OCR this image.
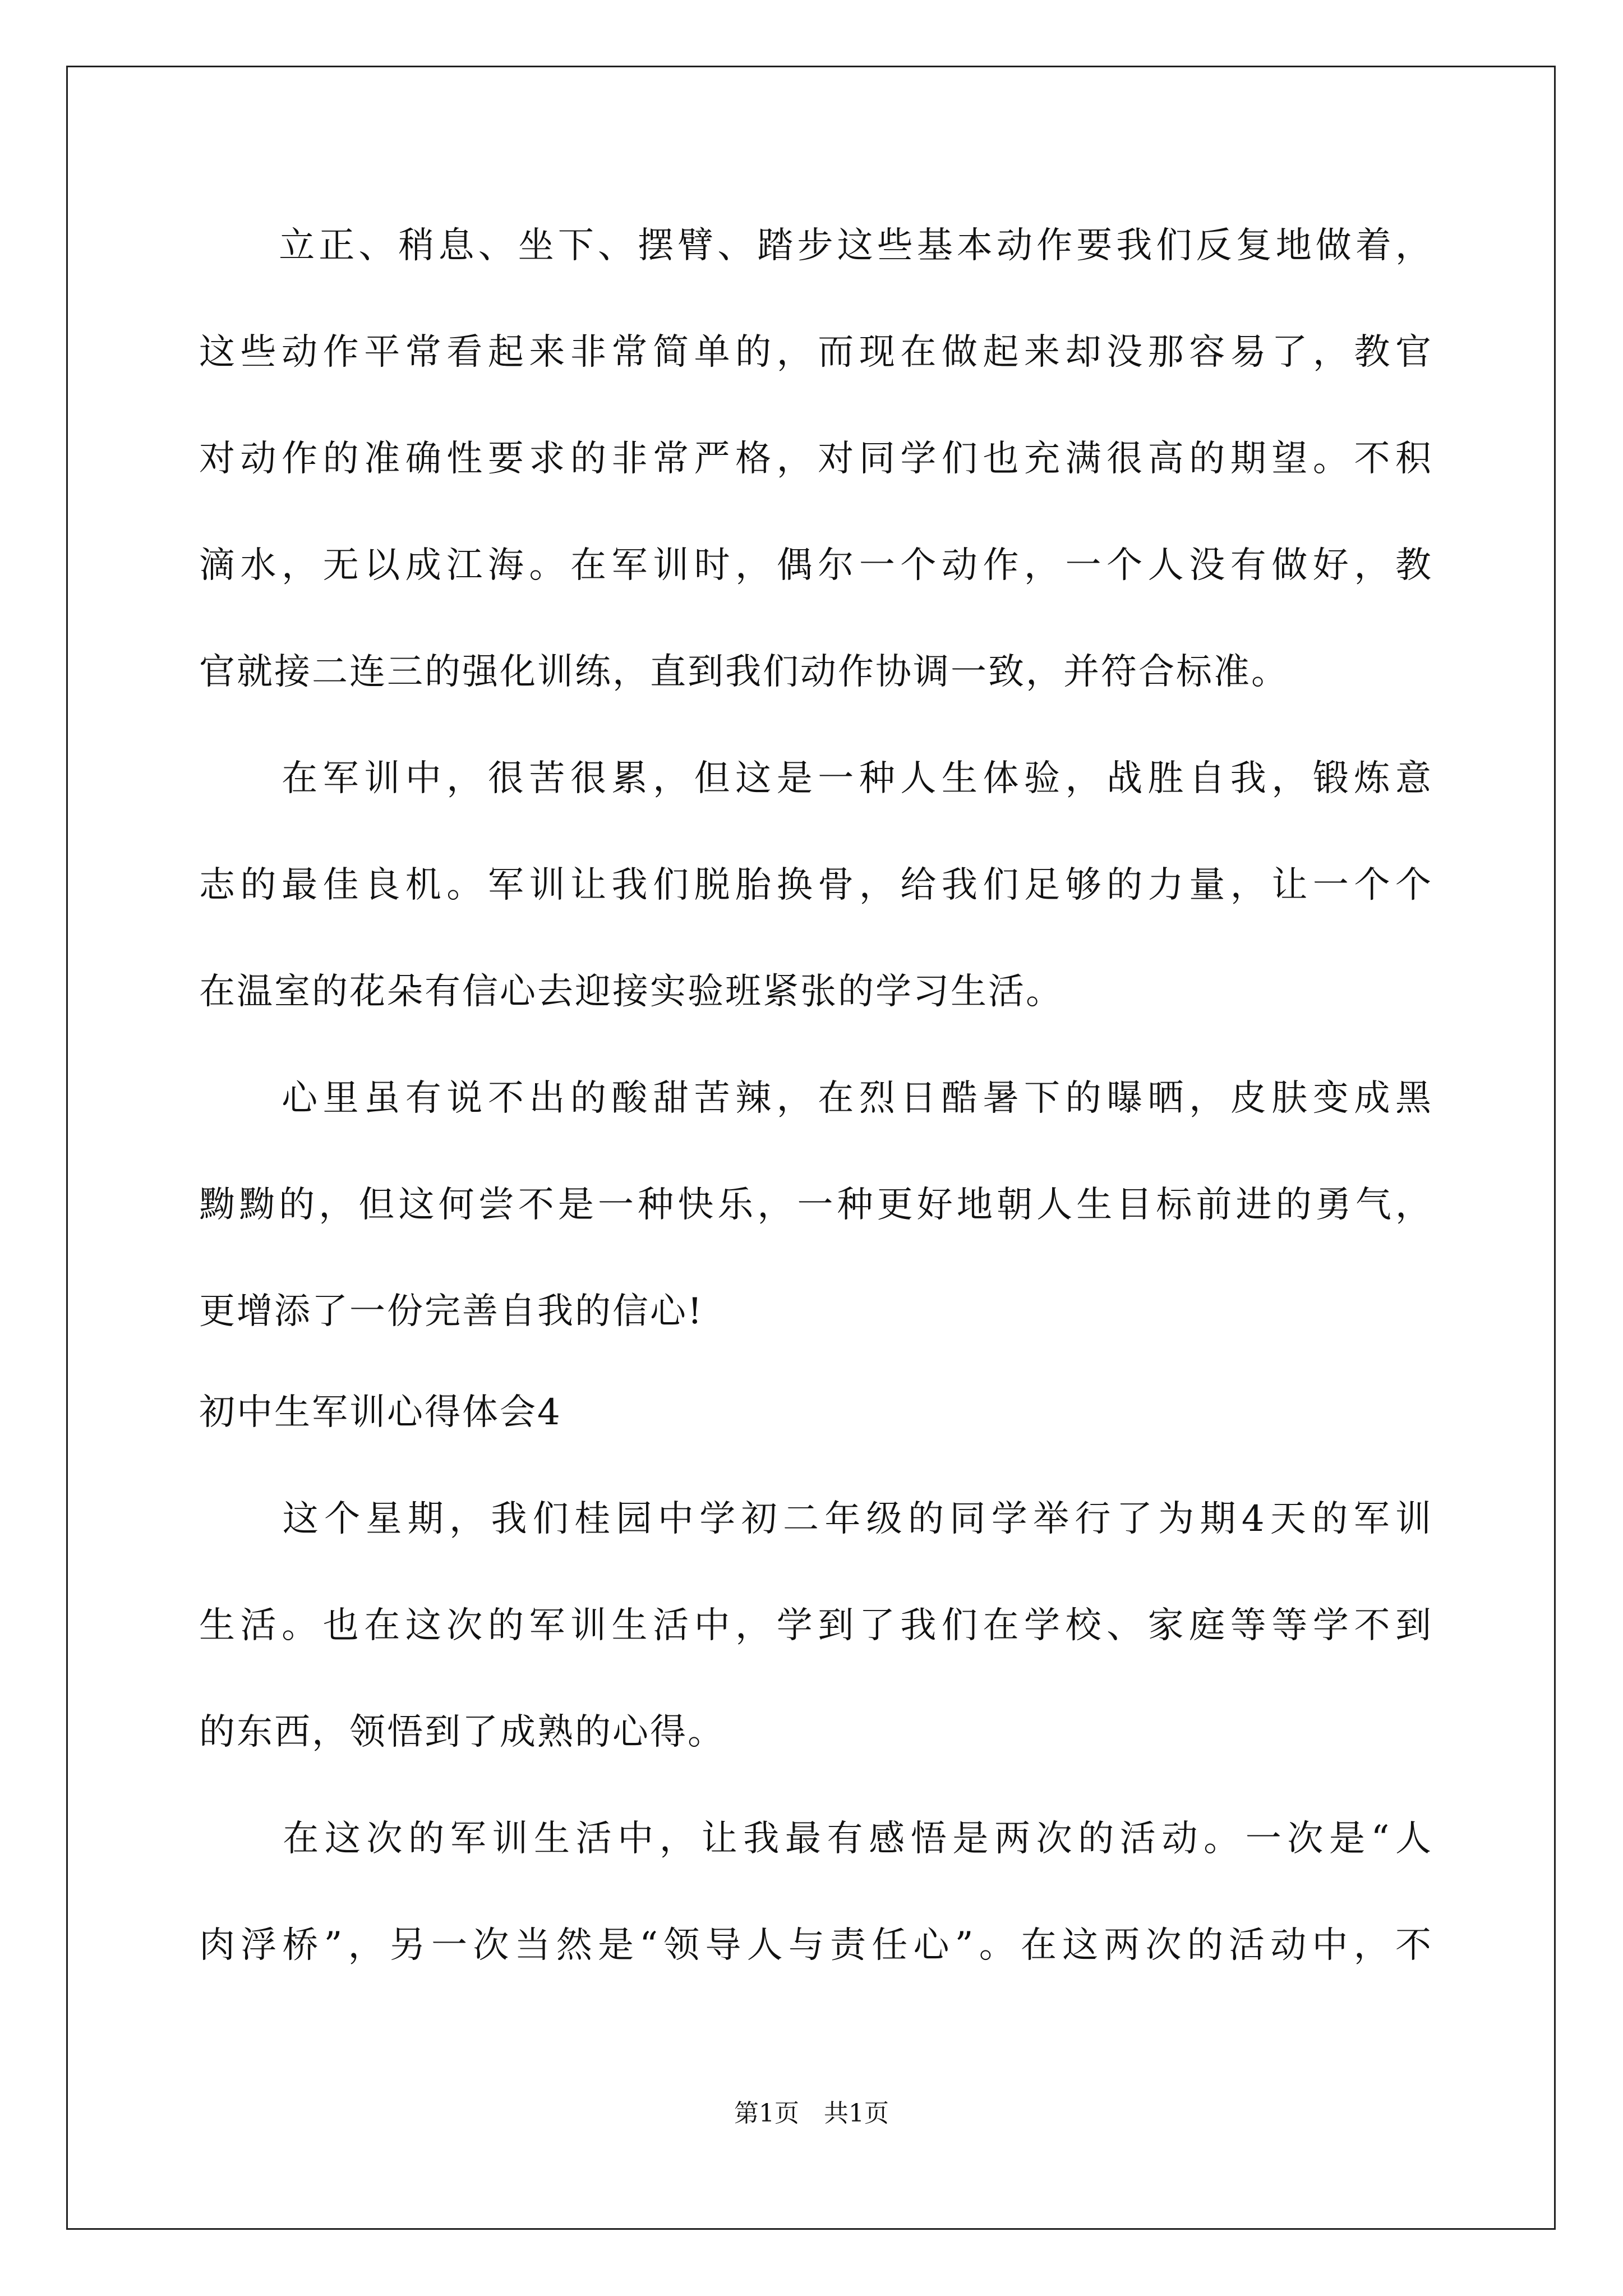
　　立正、稍息、坐下、摆臂、踏步这些基本动作要我们反复地做着，
这些动作平常看起来非常简单的，而现在做起来却没那容易了，教官
对动作的准确性要求的非常严格，对同学们也充满很高的期望。不积
滴水，无以成江海。在军训时，偶尔一个动作，一个人没有做好，教
官就接二连三的强化训练，直到我们动作协调一致，并符合标准。
　　在军训中，很苦很累，但这是一种人生体验，战胜自我，锻炼意
志的最佳良机。军训让我们脱胎换骨，给我们足够的力量，让一个个
在温室的花朵有信心去迎接实验班紧张的学习生活。
　　心里虽有说不出的酸甜苦辣，在烈日酷暑下的曝晒，皮肤变成黑
黝黝的，但这何尝不是一种快乐，一种更好地朝人生目标前进的勇气，
更增添了一份完善自我的信心!
初中生军训心得体会4
　　这个星期，我们桂园中学初二年级的同学举行了为期4天的军训
生活。也在这次的军训生活中，学到了我们在学校、家庭等等学不到
的东西，领悟到了成熟的心得。
　　在这次的军训生活中，让我最有感悟是两次的活动。一次是“人
肉浮桥”，另一次当然是“领导人与责任心”。在这两次的活动中，不
第1页　共1页
